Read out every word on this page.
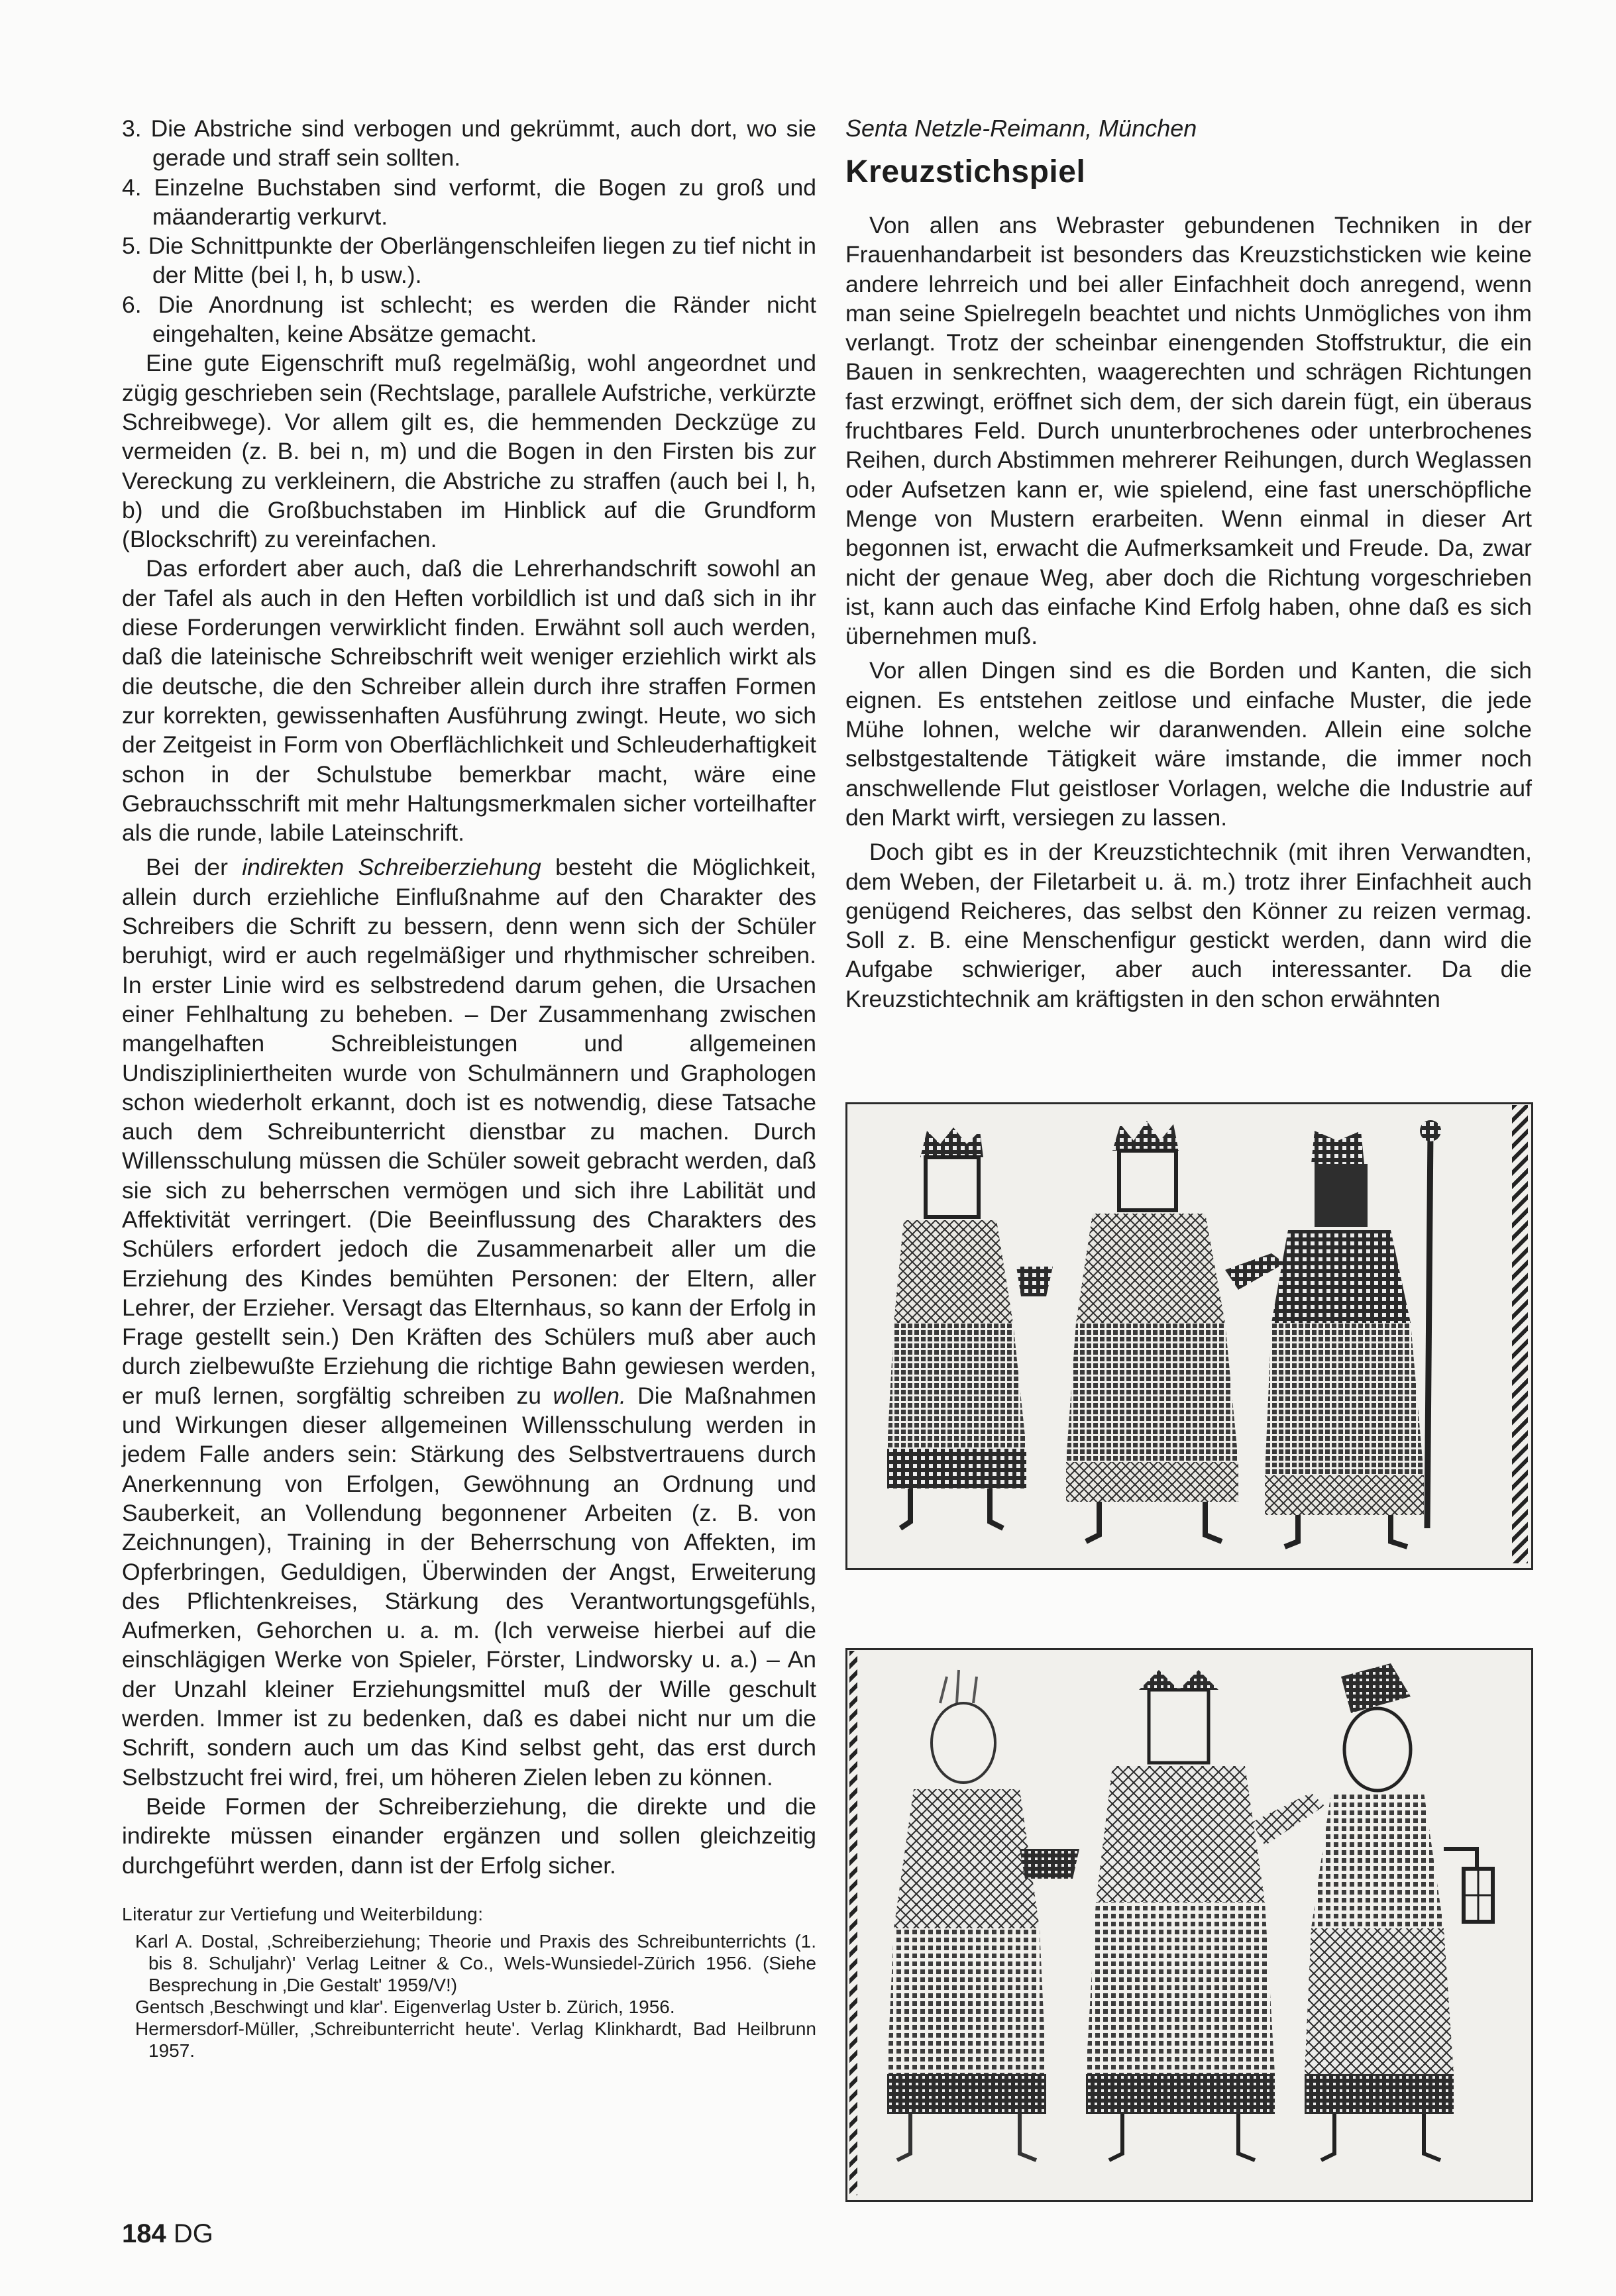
3. Die Abstriche sind verbogen und gekrümmt, auch dort, wo sie gerade und straff sein sollten.

4. Einzelne Buchstaben sind verformt, die Bogen zu groß und mäanderartig verkurvt.

5. Die Schnittpunkte der Oberlängenschleifen liegen zu tief nicht in der Mitte (bei l, h, b usw.).

6. Die Anordnung ist schlecht; es werden die Ränder nicht eingehalten, keine Absätze gemacht.

Eine gute Eigenschrift muß regelmäßig, wohl angeordnet und zügig geschrieben sein (Rechtslage, parallele Aufstriche, verkürzte Schreibwege). Vor allem gilt es, die hemmenden Deckzüge zu vermeiden (z. B. bei n, m) und die Bogen in den Firsten bis zur Vereckung zu verkleinern, die Abstriche zu straffen (auch bei l, h, b) und die Großbuchstaben im Hinblick auf die Grundform (Blockschrift) zu vereinfachen.

Das erfordert aber auch, daß die Lehrerhandschrift sowohl an der Tafel als auch in den Heften vorbildlich ist und daß sich in ihr diese Forderungen verwirklicht finden. Erwähnt soll auch werden, daß die lateinische Schreibschrift weit weniger erziehlich wirkt als die deutsche, die den Schreiber allein durch ihre straffen Formen zur korrekten, gewissenhaften Ausführung zwingt. Heute, wo sich der Zeitgeist in Form von Oberflächlichkeit und Schleuderhaftigkeit schon in der Schulstube bemerkbar macht, wäre eine Gebrauchsschrift mit mehr Haltungsmerkmalen sicher vorteilhafter als die runde, labile Lateinschrift.

Bei der indirekten Schreiberziehung besteht die Möglichkeit, allein durch erziehliche Einflußnahme auf den Charakter des Schreibers die Schrift zu bessern, denn wenn sich der Schüler beruhigt, wird er auch regelmäßiger und rhythmischer schreiben. In erster Linie wird es selbstredend darum gehen, die Ursachen einer Fehlhaltung zu beheben. – Der Zusammenhang zwischen mangelhaften Schreibleistungen und allgemeinen Undiszipliniertheiten wurde von Schulmännern und Graphologen schon wiederholt erkannt, doch ist es notwendig, diese Tatsache auch dem Schreibunterricht dienstbar zu machen. Durch Willensschulung müssen die Schüler soweit gebracht werden, daß sie sich zu beherrschen vermögen und sich ihre Labilität und Affektivität verringert. (Die Beeinflussung des Charakters des Schülers erfordert jedoch die Zusammenarbeit aller um die Erziehung des Kindes bemühten Personen: der Eltern, aller Lehrer, der Erzieher. Versagt das Elternhaus, so kann der Erfolg in Frage gestellt sein.) Den Kräften des Schülers muß aber auch durch zielbewußte Erziehung die richtige Bahn gewiesen werden, er muß lernen, sorgfältig schreiben zu wollen. Die Maßnahmen und Wirkungen dieser allgemeinen Willensschulung werden in jedem Falle anders sein: Stärkung des Selbstvertrauens durch Anerkennung von Erfolgen, Gewöhnung an Ordnung und Sauberkeit, an Vollendung begonnener Arbeiten (z. B. von Zeichnungen), Training in der Beherrschung von Affekten, im Opferbringen, Geduldigen, Überwinden der Angst, Erweiterung des Pflichtenkreises, Stärkung des Verantwortungsgefühls, Aufmerken, Gehorchen u. a. m. (Ich verweise hierbei auf die einschlägigen Werke von Spieler, Förster, Lindworsky u. a.) – An der Unzahl kleiner Erziehungsmittel muß der Wille geschult werden. Immer ist zu bedenken, daß es dabei nicht nur um die Schrift, sondern auch um das Kind selbst geht, das erst durch Selbstzucht frei wird, frei, um höheren Zielen leben zu können.

Beide Formen der Schreiberziehung, die direkte und die indirekte müssen einander ergänzen und sollen gleichzeitig durchgeführt werden, dann ist der Erfolg sicher.

Literatur zur Vertiefung und Weiterbildung:

Karl A. Dostal, ‚Schreiberziehung; Theorie und Praxis des Schreibunterrichts (1. bis 8. Schuljahr)' Verlag Leitner & Co., Wels-Wunsiedel-Zürich 1956. (Siehe Besprechung in ‚Die Gestalt' 1959/V!)

Gentsch ‚Beschwingt und klar'. Eigenverlag Uster b. Zürich, 1956.

Hermersdorf-Müller, ‚Schreibunterricht heute'. Verlag Klinkhardt, Bad Heilbrunn 1957.

Senta Netzle-Reimann, München

Kreuzstichspiel

Von allen ans Webraster gebundenen Techniken in der Frauenhandarbeit ist besonders das Kreuzstichsticken wie keine andere lehrreich und bei aller Einfachheit doch anregend, wenn man seine Spielregeln beachtet und nichts Unmögliches von ihm verlangt. Trotz der scheinbar einengenden Stoffstruktur, die ein Bauen in senkrechten, waagerechten und schrägen Richtungen fast erzwingt, eröffnet sich dem, der sich darein fügt, ein überaus fruchtbares Feld. Durch ununterbrochenes oder unterbrochenes Reihen, durch Abstimmen mehrerer Reihungen, durch Weglassen oder Aufsetzen kann er, wie spielend, eine fast unerschöpfliche Menge von Mustern erarbeiten. Wenn einmal in dieser Art begonnen ist, erwacht die Aufmerksamkeit und Freude. Da, zwar nicht der genaue Weg, aber doch die Richtung vorgeschrieben ist, kann auch das einfache Kind Erfolg haben, ohne daß es sich übernehmen muß.

Vor allen Dingen sind es die Borden und Kanten, die sich eignen. Es entstehen zeitlose und einfache Muster, die jede Mühe lohnen, welche wir daranwenden. Allein eine solche selbstgestaltende Tätigkeit wäre imstande, die immer noch anschwellende Flut geistloser Vorlagen, welche die Industrie auf den Markt wirft, versiegen zu lassen.

Doch gibt es in der Kreuzstichtechnik (mit ihren Verwandten, dem Weben, der Filetarbeit u. ä. m.) trotz ihrer Einfachheit auch genügend Reicheres, das selbst den Könner zu reizen vermag. Soll z. B. eine Menschenfigur gestickt werden, dann wird die Aufgabe schwieriger, aber auch interessanter. Da die Kreuzstichtechnik am kräftigsten in den schon erwähnten

184 DG
